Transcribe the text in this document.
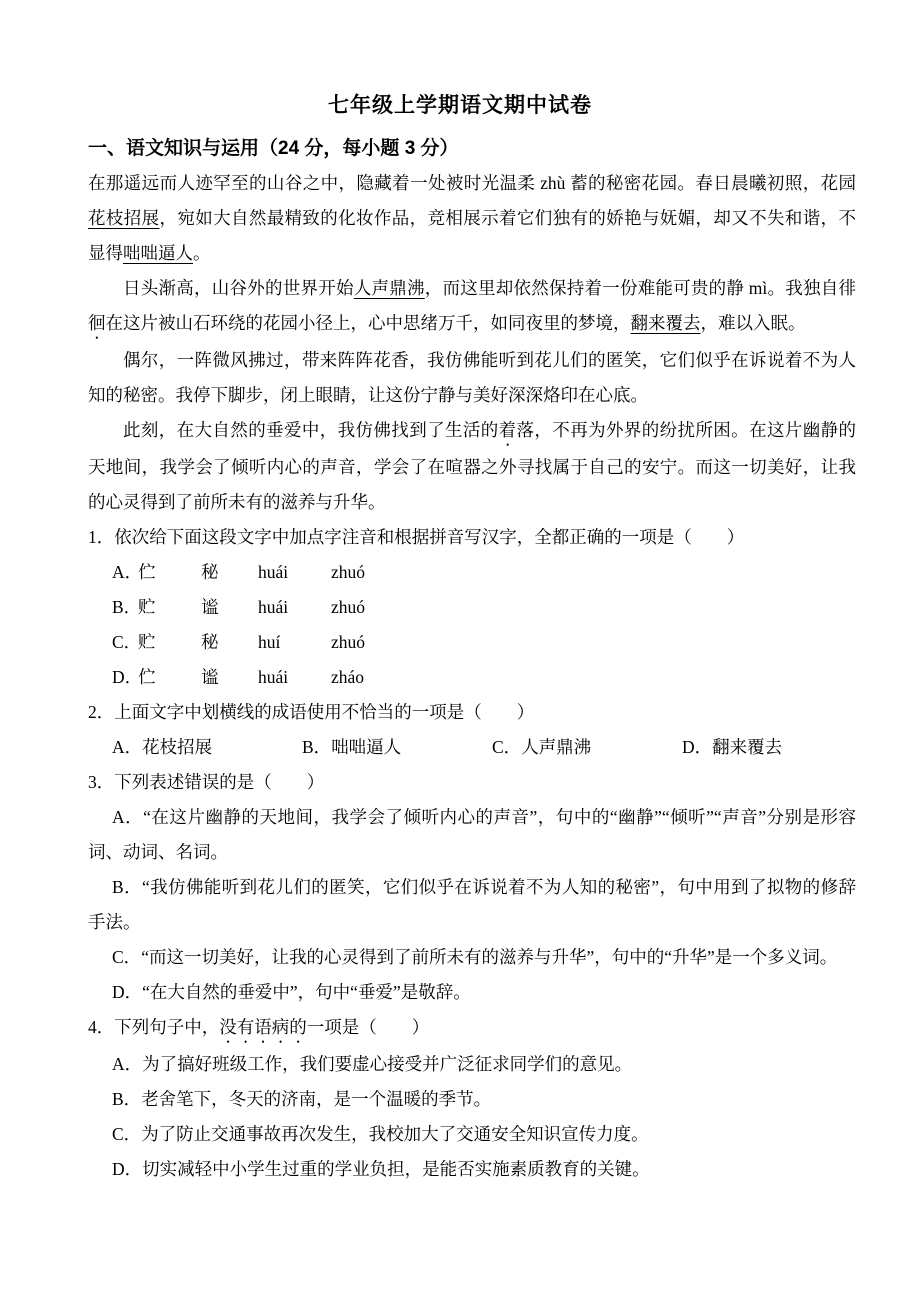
七年级上学期语文期中试卷
一、语文知识与运用（24 分，每小题 3 分）

在那遥远而人迹罕至的山谷之中，隐藏着一处被时光温柔 zhù 蓄的秘密花园。春日晨曦初照，花园花枝招展，宛如大自然最精致的化妆作品，竞相展示着它们独有的娇艳与妩媚，却又不失和谐，不显得咄咄逼人。

日头渐高，山谷外的世界开始人声鼎沸，而这里却依然保持着一份难能可贵的静 mì。我独自徘徊在这片被山石环绕的花园小径上，心中思绪万千，如同夜里的梦境，翻来覆去，难以入眠。

偶尔，一阵微风拂过，带来阵阵花香，我仿佛能听到花儿们的匿笑，它们似乎在诉说着不为人知的秘密。我停下脚步，闭上眼睛，让这份宁静与美好深深烙印在心底。

此刻，在大自然的垂爱中，我仿佛找到了生活的着落，不再为外界的纷扰所困。在这片幽静的天地间，我学会了倾听内心的声音，学会了在喧器之外寻找属于自己的安宁。而这一切美好，让我的心灵得到了前所未有的滋养与升华。

1．依次给下面这段文字中加点字注音和根据拼音写汉字，全都正确的一项是（　　）

A．
伫	秘	huái	zhuó

B．
贮	谧	huái	zhuó

C．
贮	秘	huí	zhuó

D．
伫	谧	huái	zháo

2．上面文字中划横线的成语使用不恰当的一项是（　　）

A．花枝招展	B．咄咄逼人	C．人声鼎沸	D．翻来覆去

3．下列表述错误的是（　　）

A．“在这片幽静的天地间，我学会了倾听内心的声音”，句中的“幽静”“倾听”“声音”分别是形容词、动词、名词。

B．“我仿佛能听到花儿们的匿笑，它们似乎在诉说着不为人知的秘密”，句中用到了拟物的修辞手法。

C．“而这一切美好，让我的心灵得到了前所未有的滋养与升华”，句中的“升华”是一个多义词。

D．“在大自然的垂爱中”，句中“垂爱”是敬辞。

4．下列句子中，没有语病的一项是（　　）

A．为了搞好班级工作，我们要虚心接受并广泛征求同学们的意见。

B．老舍笔下，冬天的济南，是一个温暖的季节。

C．为了防止交通事故再次发生，我校加大了交通安全知识宣传力度。

D．切实减轻中小学生过重的学业负担，是能否实施素质教育的关键。
